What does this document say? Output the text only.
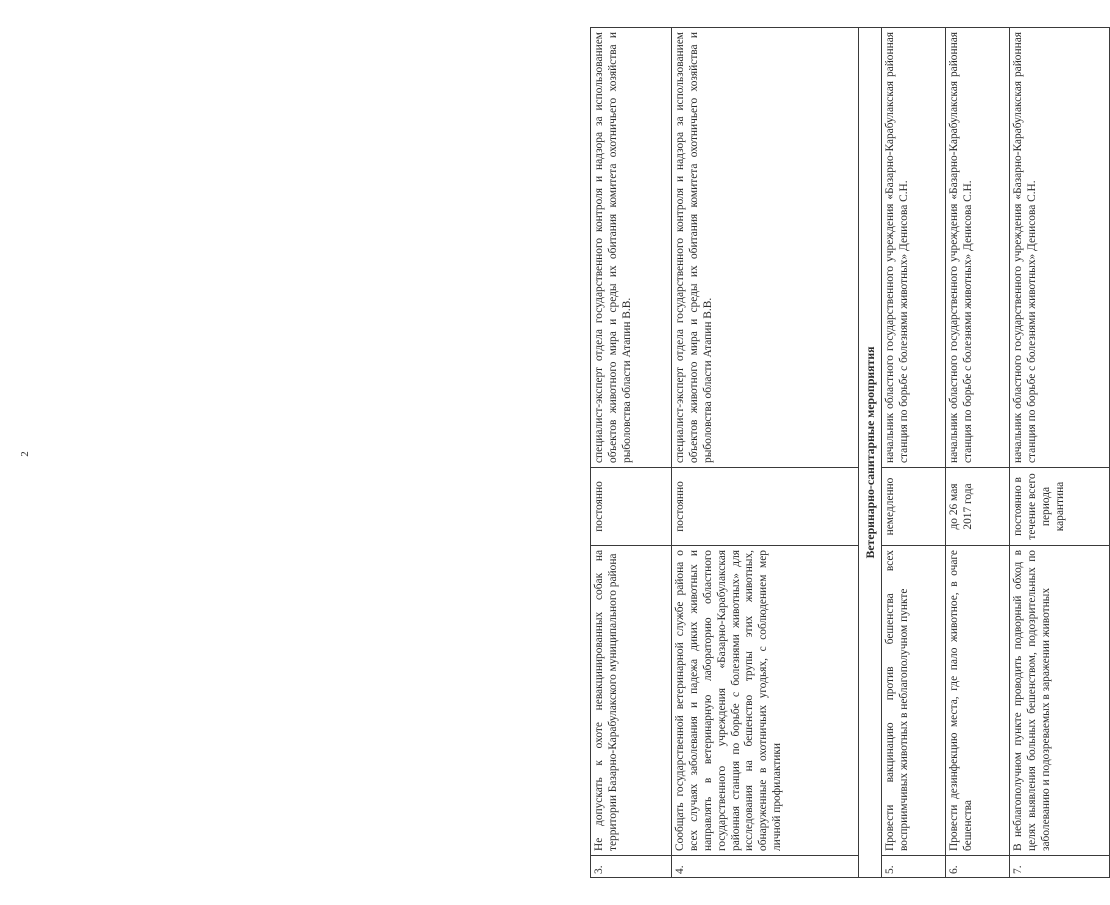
2
3.	Не допускать к охоте невакцинированных собак на территории Базарно-Карабулакского муниципального района	постоянно	специалист-эксперт отдела государственного контроля и надзора за использованием объектов животного мира и среды их обитания комитета охотничьего хозяйства и рыболовства области Атапин В.В.
4.	Сообщать государственной ветеринарной службе района о всех случаях заболевания и падежа диких животных и направлять в ветеринарную лабораторию областного государственного учреждения «Базарно-Карабулакская районная станция по борьбе с болезнями животных» для исследования на бешенство трупы этих животных, обнаруженные в охотничьих угодьях, с соблюдением мер личной профилактики	постоянно	специалист-эксперт отдела государственного контроля и надзора за использованием объектов животного мира и среды их обитания комитета охотничьего хозяйства и рыболовства области Атапин В.В.
Ветеринарно-санитарные мероприятия			
5.	Провести вакцинацию против бешенства всех восприимчивых животных в неблагополучном пункте	немедленно	начальник областного государственного учреждения «Базарно-Карабулакская районная станция по борьбе с болезнями животных» Денисова С.Н.
6.	Провести дезинфекцию места, где пало животное, в очаге бешенства	до 26 мая 2017 года	начальник областного государственного учреждения «Базарно-Карабулакская районная станция по борьбе с болезнями животных» Денисова С.Н.
7.	В неблагополучном пункте проводить подворный обход в целях выявления больных бешенством, подозрительных по заболеванию и подозреваемых в заражении животных	постоянно в течение всего периода карантина	начальник областного государственного учреждения «Базарно-Карабулакская районная станция по борьбе с болезнями животных» Денисова С.Н.
